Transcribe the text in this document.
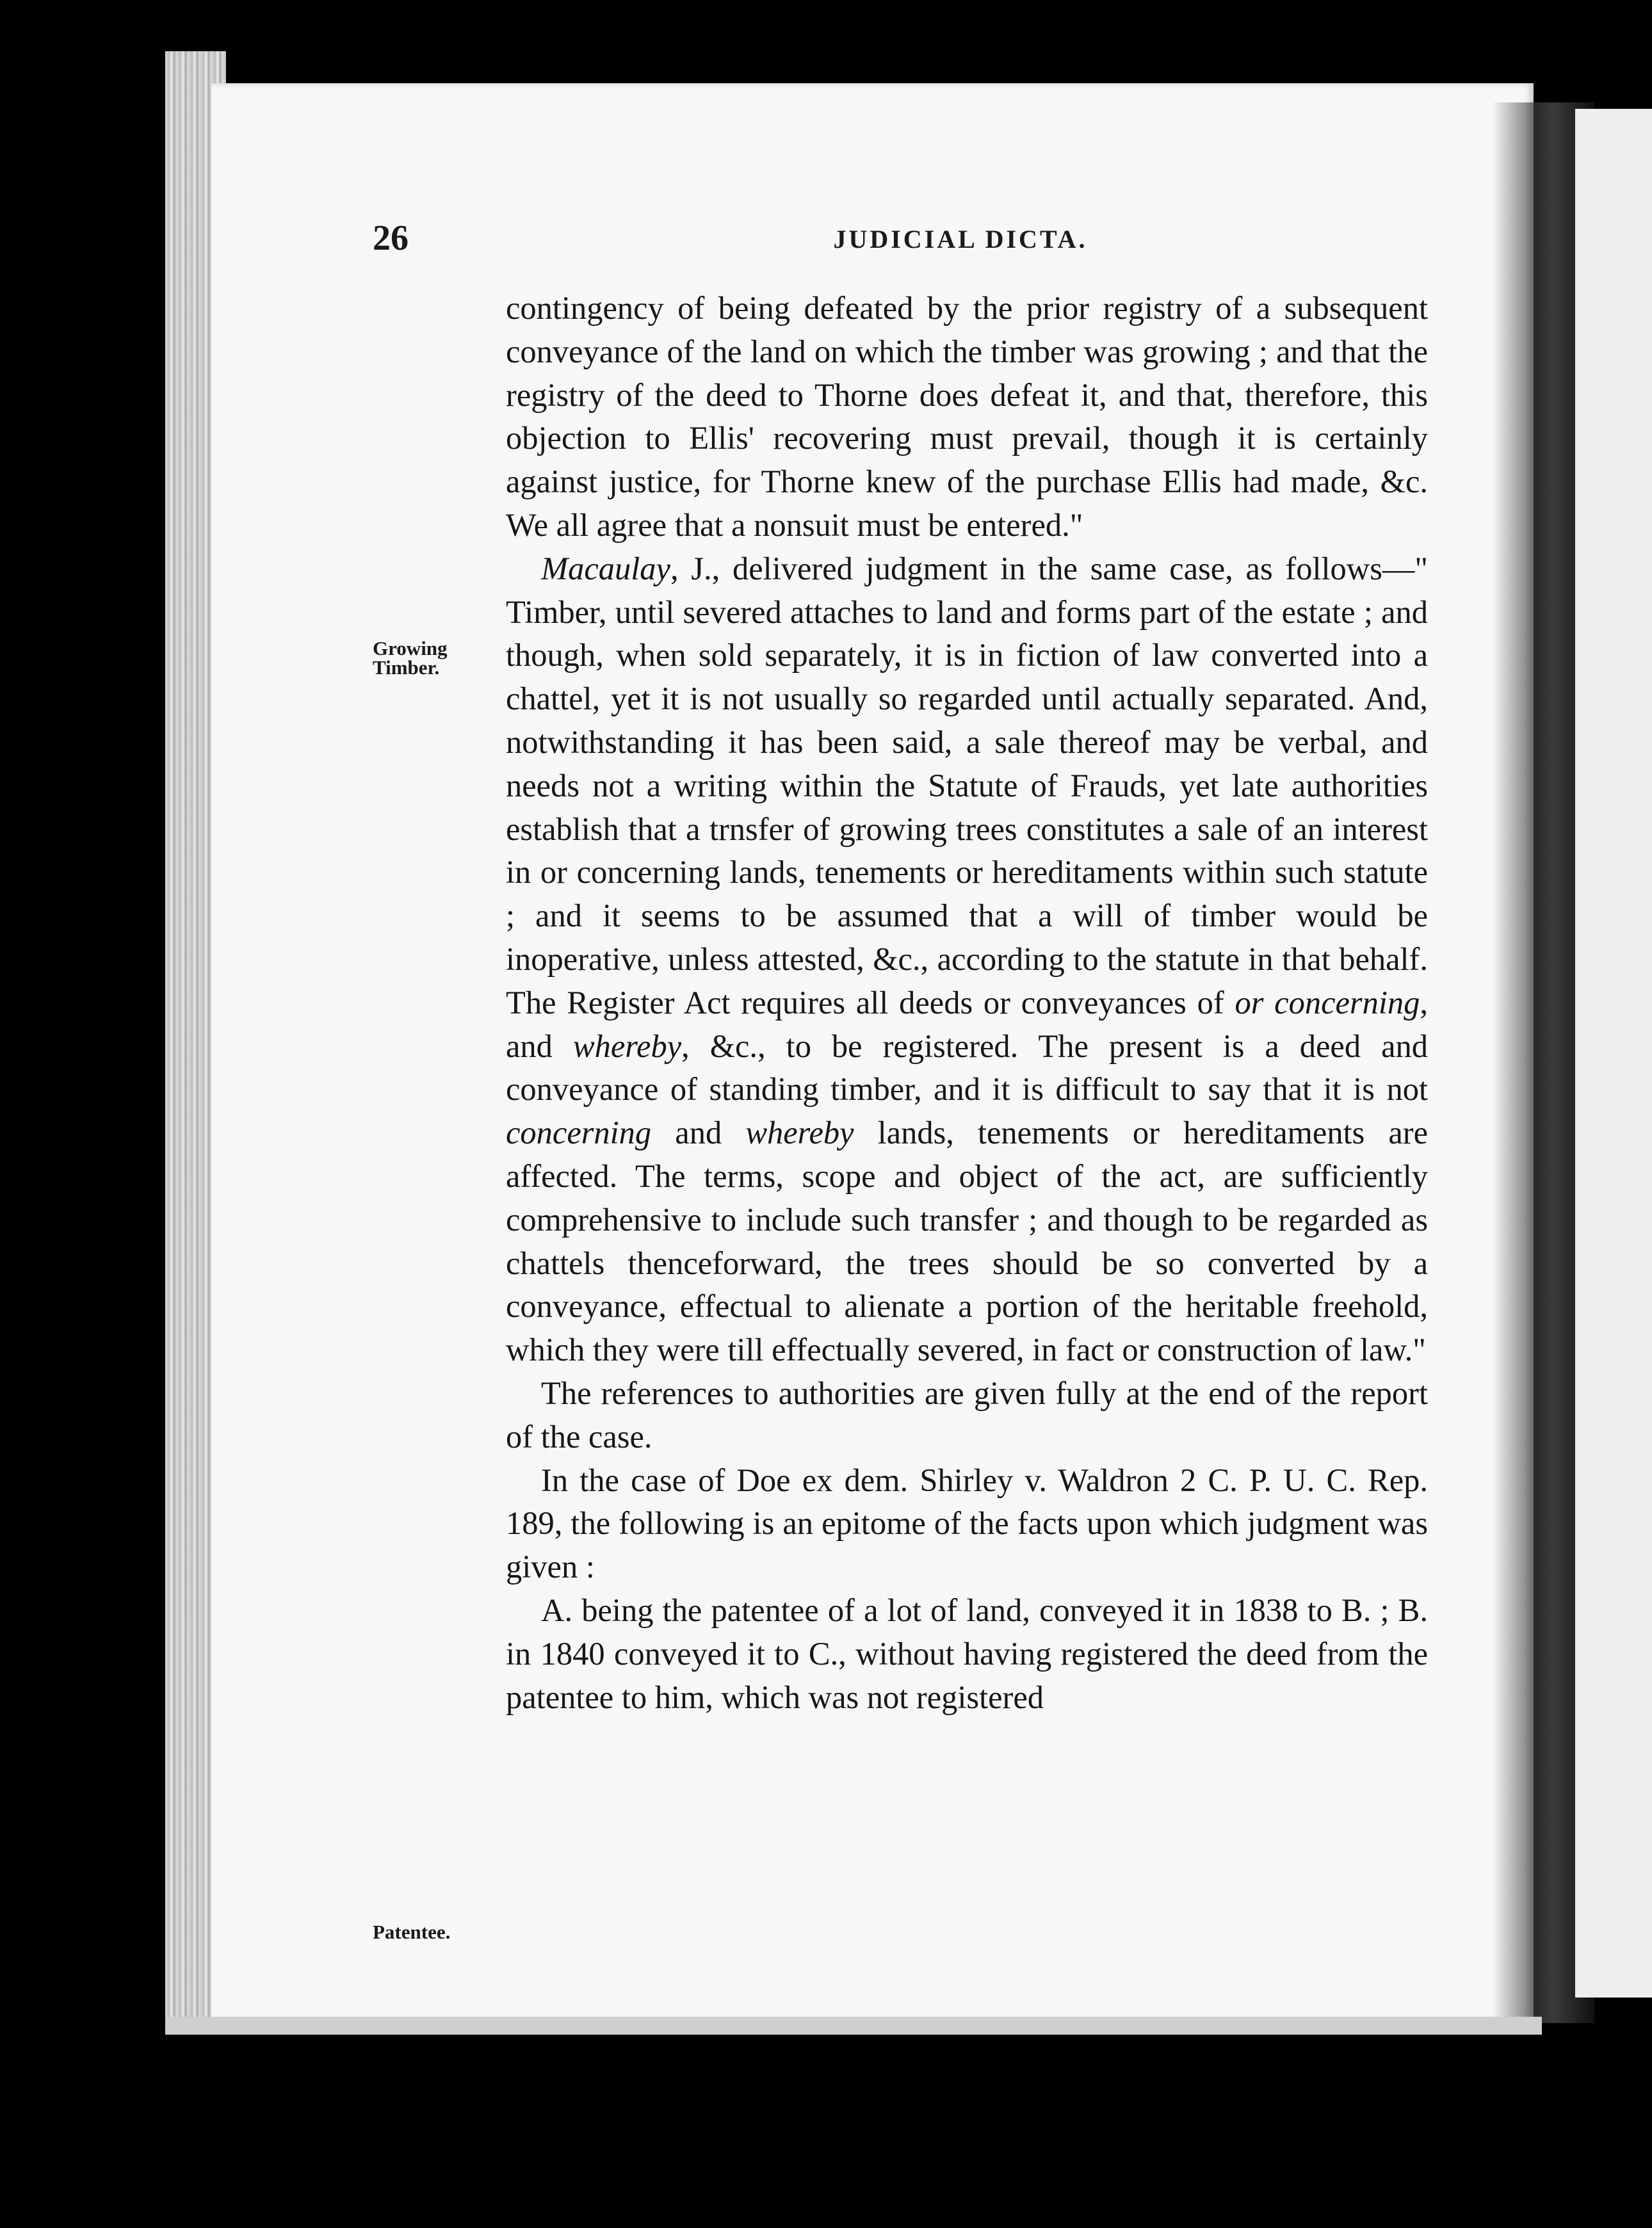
26	JUDICIAL DICTA.
Growing
Timber.
Patentee.

contingency of being defeated by the prior registry of a subsequent conveyance of the land on which the timber was growing ; and that the registry of the deed to Thorne does defeat it, and that, therefore, this objection to Ellis' recovering must prevail, though it is certainly against justice, for Thorne knew of the purchase Ellis had made, &c. We all agree that a nonsuit must be entered."

Macaulay, J., delivered judgment in the same case, as follows—" Timber, until severed attaches to land and forms part of the estate ; and though, when sold separately, it is in fiction of law converted into a chattel, yet it is not usually so regarded until actually separated. And, notwithstanding it has been said, a sale thereof may be verbal, and needs not a writing within the Statute of Frauds, yet late authorities establish that a trnsfer of growing trees constitutes a sale of an interest in or concerning lands, tenements or hereditaments within such statute ; and it seems to be assumed that a will of timber would be inoperative, unless attested, &c., according to the statute in that behalf. The Register Act requires all deeds or conveyances of or concerning, and whereby, &c., to be registered. The present is a deed and conveyance of standing timber, and it is difficult to say that it is not concerning and whereby lands, tenements or hereditaments are affected. The terms, scope and object of the act, are sufficiently comprehensive to include such transfer ; and though to be regarded as chattels thenceforward, the trees should be so converted by a conveyance, effectual to alienate a portion of the heritable freehold, which they were till effectually severed, in fact or construction of law."

The references to authorities are given fully at the end of the report of the case.

In the case of Doe ex dem. Shirley v. Waldron 2 C. P. U. C. Rep. 189, the following is an epitome of the facts upon which judgment was given :

A. being the patentee of a lot of land, conveyed it in 1838 to B. ; B. in 1840 conveyed it to C., without having registered the deed from the patentee to him, which was not registered
